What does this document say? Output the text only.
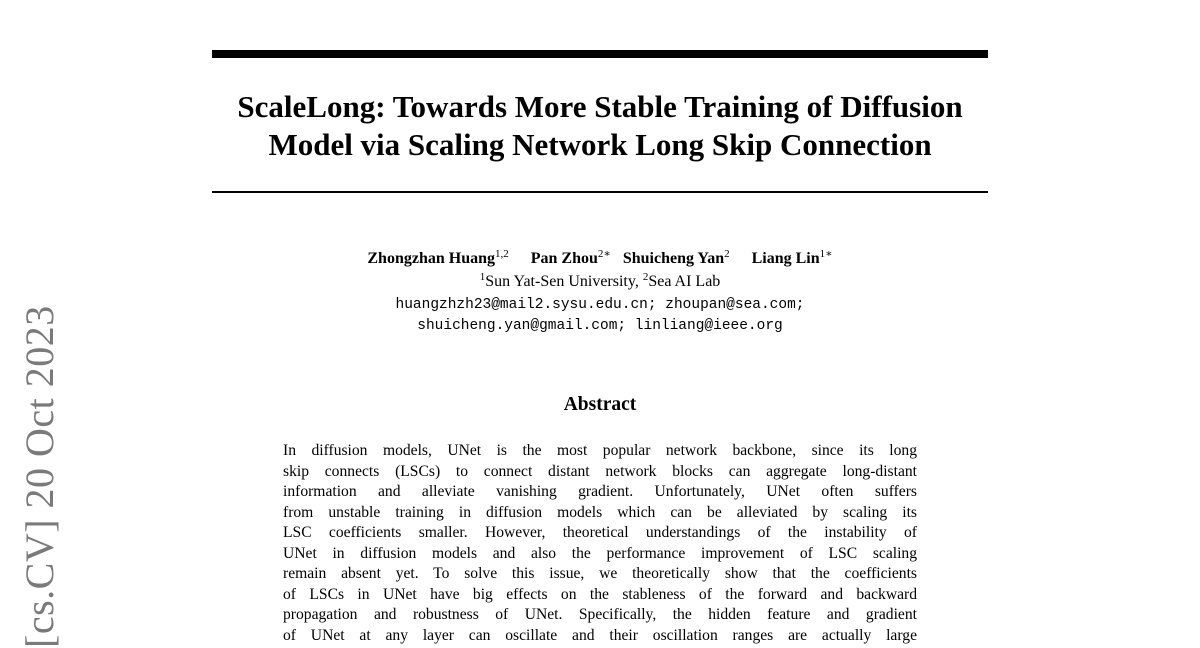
[cs.CV] 20 Oct 2023
ScaleLong: Towards More Stable Training of Diffusion
Model via Scaling Network Long Skip Connection
Zhongzhan Huang$^{1,2}$ Pan Zhou$^{2∗}$ Shuicheng Yan$^2$ Liang Lin$^{1∗}$
$^1$Sun Yat-Sen University, $^2$Sea AI Lab
huangzhzh23@mail2.sysu.edu.cn; zhoupan@sea.com;
shuicheng.yan@gmail.com; linliang@ieee.org
Abstract
In diffusion models, UNet is the most popular network backbone, since its long
skip connects (LSCs) to connect distant network blocks can aggregate long-distant
information and alleviate vanishing gradient. Unfortunately, UNet often suffers
from unstable training in diffusion models which can be alleviated by scaling its
LSC coefficients smaller. However, theoretical understandings of the instability of
UNet in diffusion models and also the performance improvement of LSC scaling
remain absent yet. To solve this issue, we theoretically show that the coefficients
of LSCs in UNet have big effects on the stableness of the forward and backward
propagation and robustness of UNet. Specifically, the hidden feature and gradient
of UNet at any layer can oscillate and their oscillation ranges are actually large
